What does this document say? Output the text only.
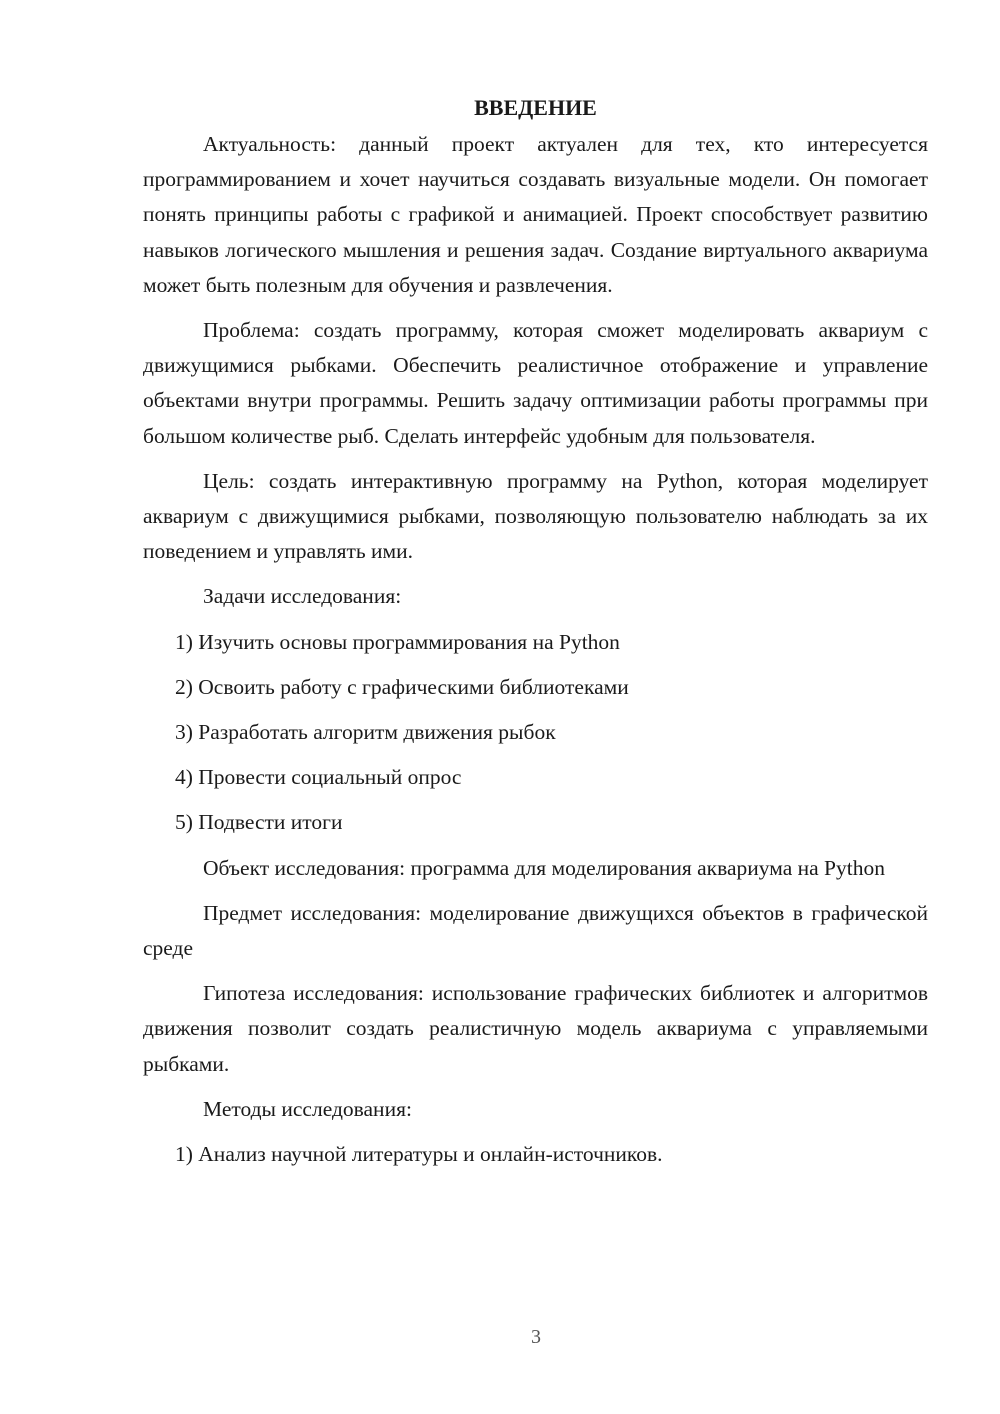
ВВЕДЕНИЕ

Актуальность: данный проект актуален для тех, кто интересуется программированием и хочет научиться создавать визуальные модели. Он помогает понять принципы работы с графикой и анимацией. Проект способствует развитию навыков логического мышления и решения задач. Создание виртуального аквариума может быть полезным для обучения и развлечения.

Проблема: создать программу, которая сможет моделировать аквариум с движущимися рыбками. Обеспечить реалистичное отображение и управление объектами внутри программы. Решить задачу оптимизации работы программы при большом количестве рыб. Сделать интерфейс удобным для пользователя.

Цель: создать интерактивную программу на Python, которая моделирует аквариум с движущимися рыбками, позволяющую пользователю наблюдать за их поведением и управлять ими.

Задачи исследования:

1) Изучить основы программирования на Python
2) Освоить работу с графическими библиотеками
3) Разработать алгоритм движения рыбок
4) Провести социальный опрос
5) Подвести итоги

Объект исследования: программа для моделирования аквариума на Python

Предмет исследования: моделирование движущихся объектов в графической среде

Гипотеза исследования: использование графических библиотек и алгоритмов движения позволит создать реалистичную модель аквариума с управляемыми рыбками.

Методы исследования:

1) Анализ научной литературы и онлайн-источников.
3
